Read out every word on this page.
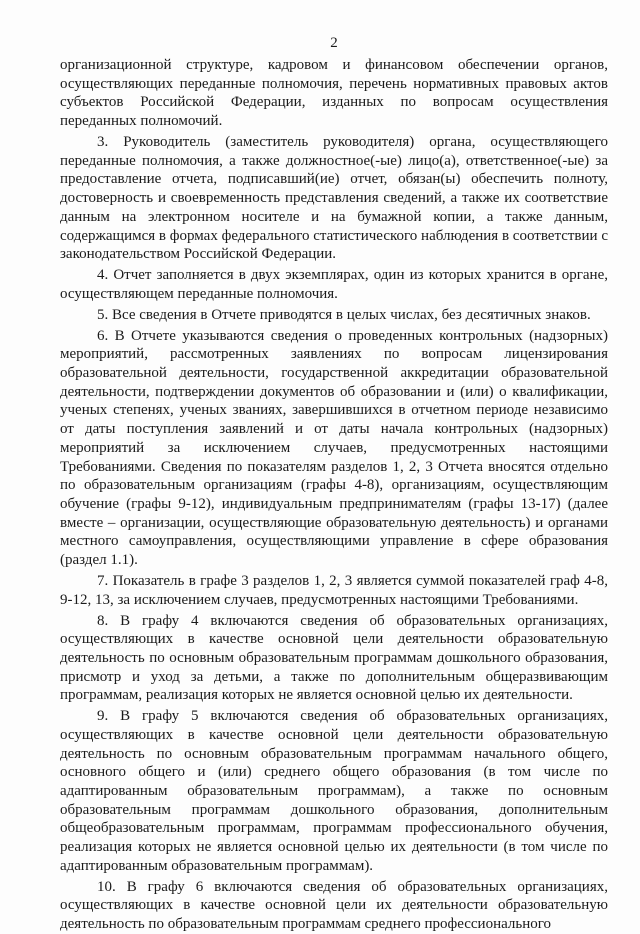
2

организационной структуре, кадровом и финансовом обеспечении органов, осуществляющих переданные полномочия, перечень нормативных правовых актов субъектов Российской Федерации, изданных по вопросам осуществления переданных полномочий.

3. Руководитель (заместитель руководителя) органа, осуществляющего переданные полномочия, а также должностное(-ые) лицо(а), ответственное(-ые) за предоставление отчета, подписавший(ие) отчет, обязан(ы) обеспечить полноту, достоверность и своевременность представления сведений, а также их соответствие данным на электронном носителе и на бумажной копии, а также данным, содержащимся в формах федерального статистического наблюдения в соответствии с законодательством Российской Федерации.

4. Отчет заполняется в двух экземплярах, один из которых хранится в органе, осуществляющем переданные полномочия.

5. Все сведения в Отчете приводятся в целых числах, без десятичных знаков.

6. В Отчете указываются сведения о проведенных контрольных (надзорных) мероприятий, рассмотренных заявлениях по вопросам лицензирования образовательной деятельности, государственной аккредитации образовательной деятельности, подтверждении документов об образовании и (или) о квалификации, ученых степенях, ученых званиях, завершившихся в отчетном периоде независимо от даты поступления заявлений и от даты начала контрольных (надзорных) мероприятий за исключением случаев, предусмотренных настоящими Требованиями. Сведения по показателям разделов 1, 2, 3 Отчета вносятся отдельно по образовательным организациям (графы 4-8), организациям, осуществляющим обучение (графы 9-12), индивидуальным предпринимателям (графы 13-17) (далее вместе – организации, осуществляющие образовательную деятельность) и органами местного самоуправления, осуществляющими управление в сфере образования (раздел 1.1).

7. Показатель в графе 3 разделов 1, 2, 3 является суммой показателей граф 4-8, 9-12, 13, за исключением случаев, предусмотренных настоящими Требованиями.

8. В графу 4 включаются сведения об образовательных организациях, осуществляющих в качестве основной цели деятельности образовательную деятельность по основным образовательным программам дошкольного образования, присмотр и уход за детьми, а также по дополнительным общеразвивающим программам, реализация которых не является основной целью их деятельности.

9. В графу 5 включаются сведения об образовательных организациях, осуществляющих в качестве основной цели деятельности образовательную деятельность по основным образовательным программам начального общего, основного общего и (или) среднего общего образования (в том числе по адаптированным образовательным программам), а также по основным образовательным программам дошкольного образования, дополнительным общеобразовательным программам, программам профессионального обучения, реализация которых не является основной целью их деятельности (в том числе по адаптированным образовательным программам).

10. В графу 6 включаются сведения об образовательных организациях, осуществляющих в качестве основной цели их деятельности образовательную деятельность по образовательным программам среднего профессионального
